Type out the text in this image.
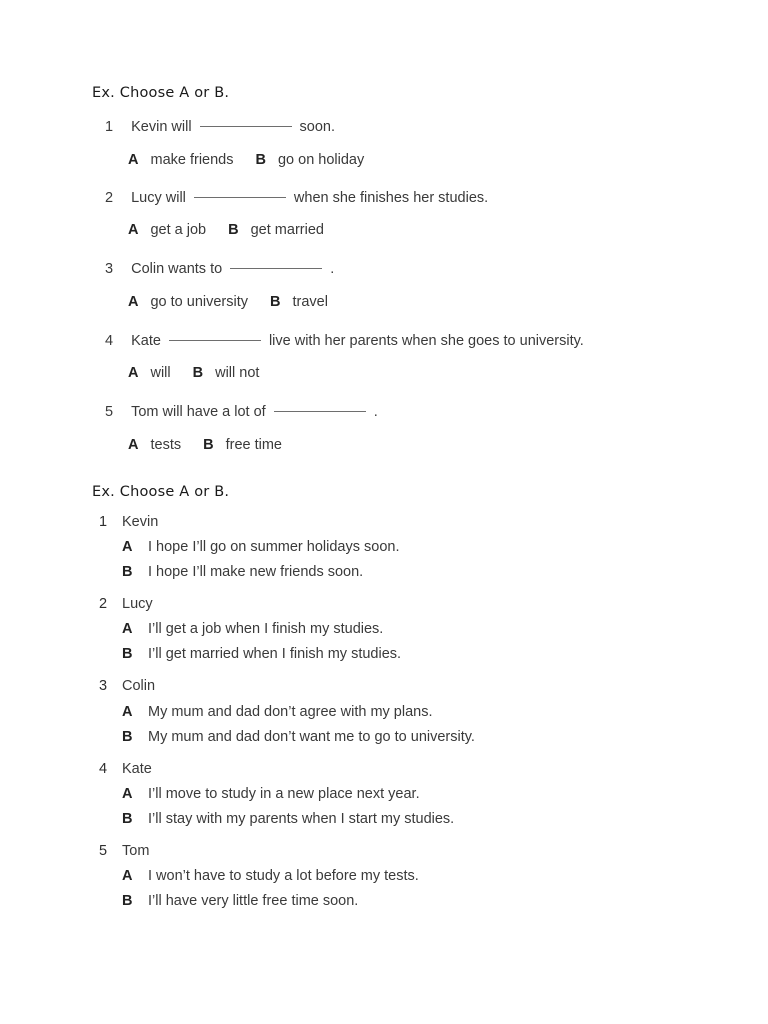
Ex. Choose A or B.
1 Kevin will	soon.
A make friends B go on holiday
2 Lucy will	when she finishes her studies.
A get a job B get married
3 Colin wants to	.
A go to university B travel
4 Kate	live with her parents when she goes to university.
A will B will not
5 Tom will have a lot of	.
A tests B free time
Ex. Choose A or B.
1 Kevin
A I hope I’ll go on summer holidays soon.
B I hope I’ll make new friends soon.
2 Lucy
A I’ll get a job when I finish my studies.
B I’ll get married when I finish my studies.
3 Colin
A My mum and dad don’t agree with my plans.
B My mum and dad don’t want me to go to university.
4 Kate
A I’ll move to study in a new place next year.
B I’ll stay with my parents when I start my studies.
5 Tom
A I won’t have to study a lot before my tests.
B I’ll have very little free time soon.
